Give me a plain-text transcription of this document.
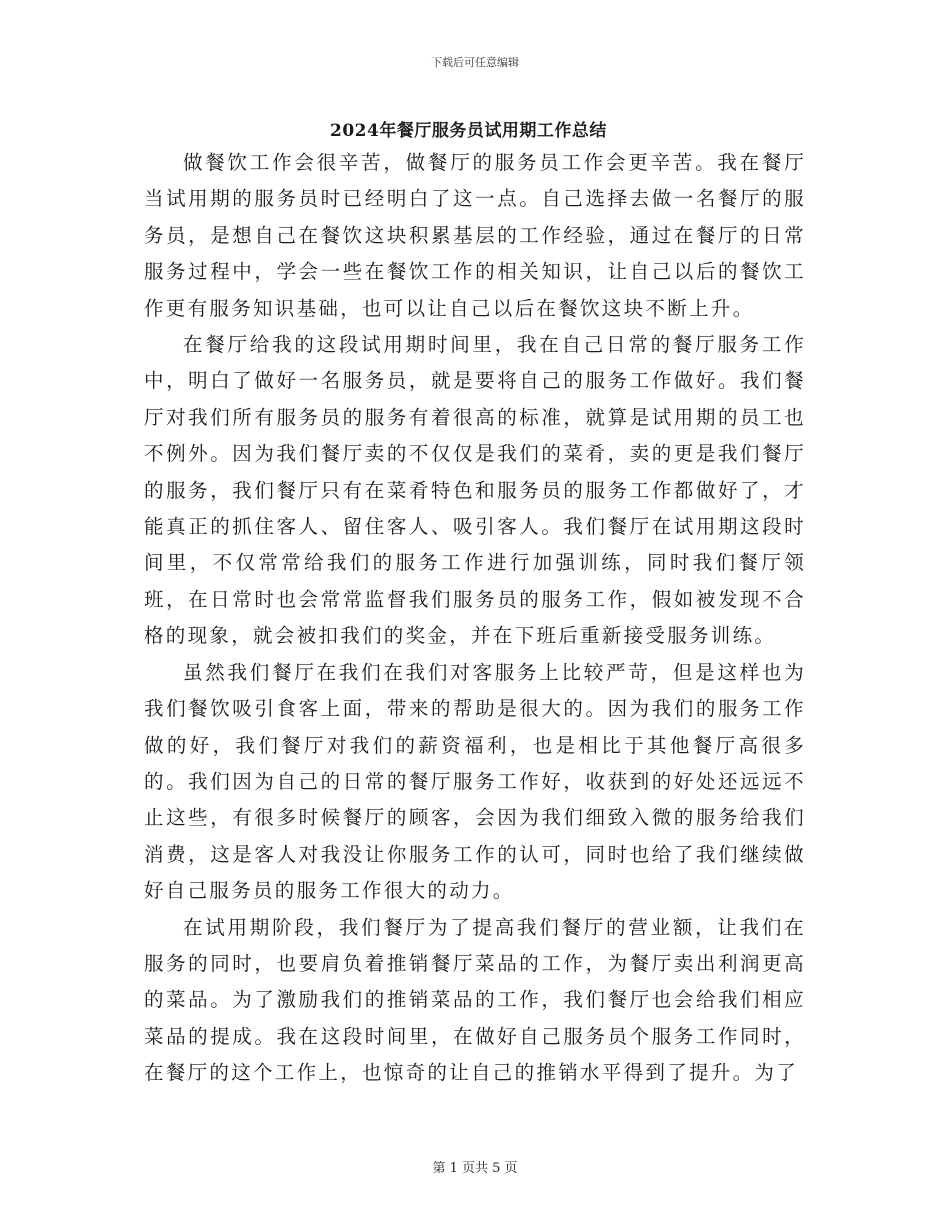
下载后可任意编辑
2024年餐厅服务员试用期工作总结

做餐饮工作会很辛苦，做餐厅的服务员工作会更辛苦。我在餐厅当试用期的服务员时已经明白了这一点。自己选择去做一名餐厅的服务员，是想自己在餐饮这块积累基层的工作经验，通过在餐厅的日常服务过程中，学会一些在餐饮工作的相关知识，让自己以后的餐饮工作更有服务知识基础，也可以让自己以后在餐饮这块不断上升。

在餐厅给我的这段试用期时间里，我在自己日常的餐厅服务工作中，明白了做好一名服务员，就是要将自己的服务工作做好。我们餐厅对我们所有服务员的服务有着很高的标准，就算是试用期的员工也不例外。因为我们餐厅卖的不仅仅是我们的菜肴，卖的更是我们餐厅的服务，我们餐厅只有在菜肴特色和服务员的服务工作都做好了，才能真正的抓住客人、留住客人、吸引客人。我们餐厅在试用期这段时间里，不仅常常给我们的服务工作进行加强训练，同时我们餐厅领班，在日常时也会常常监督我们服务员的服务工作，假如被发现不合格的现象，就会被扣我们的奖金，并在下班后重新接受服务训练。

虽然我们餐厅在我们在我们对客服务上比较严苛，但是这样也为我们餐饮吸引食客上面，带来的帮助是很大的。因为我们的服务工作做的好，我们餐厅对我们的薪资福利，也是相比于其他餐厅高很多的。我们因为自己的日常的餐厅服务工作好，收获到的好处还远远不止这些，有很多时候餐厅的顾客，会因为我们细致入微的服务给我们消费，这是客人对我没让你服务工作的认可，同时也给了我们继续做好自己服务员的服务工作很大的动力。

在试用期阶段，我们餐厅为了提高我们餐厅的营业额，让我们在服务的同时，也要肩负着推销餐厅菜品的工作，为餐厅卖出利润更高的菜品。为了激励我们的推销菜品的工作，我们餐厅也会给我们相应菜品的提成。我在这段时间里，在做好自己服务员个服务工作同时，在餐厅的这个工作上，也惊奇的让自己的推销水平得到了提升。为了

第 1 页共 5 页
